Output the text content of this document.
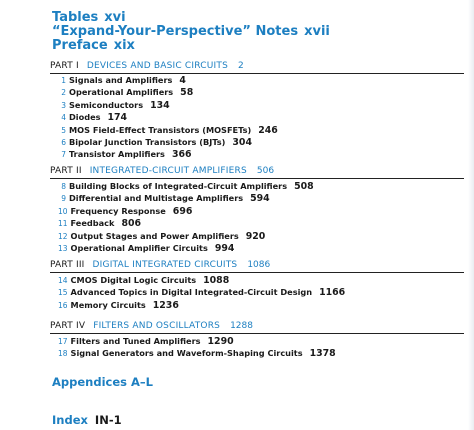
Tables xvi
“Expand-Your-Perspective” Notes xvii
Preface xix
PART I DEVICES AND BASIC CIRCUITS 2
1 Signals and Amplifiers 4
2 Operational Amplifiers 58
3 Semiconductors 134
4 Diodes 174
5 MOS Field-Effect Transistors (MOSFETs) 246
6 Bipolar Junction Transistors (BJTs) 304
7 Transistor Amplifiers 366
PART II INTEGRATED-CIRCUIT AMPLIFIERS 506
8 Building Blocks of Integrated-Circuit Amplifiers 508
9 Differential and Multistage Amplifiers 594
10 Frequency Response 696
11 Feedback 806
12 Output Stages and Power Amplifiers 920
13 Operational Amplifier Circuits 994
PART III DIGITAL INTEGRATED CIRCUITS 1086
14 CMOS Digital Logic Circuits 1088
15 Advanced Topics in Digital Integrated-Circuit Design 1166
16 Memory Circuits 1236
PART IV FILTERS AND OSCILLATORS 1288
17 Filters and Tuned Amplifiers 1290
18 Signal Generators and Waveform-Shaping Circuits 1378
Appendices A–L
Index IN-1
